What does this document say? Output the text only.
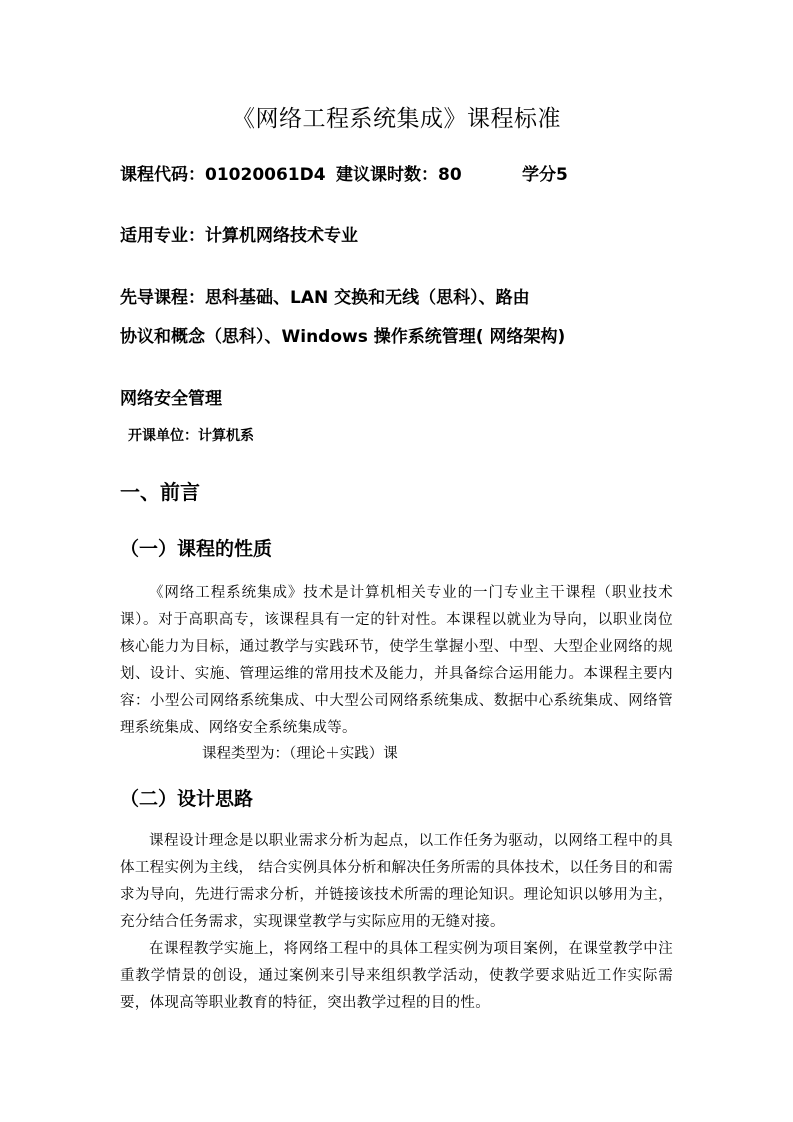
《网络工程系统集成》课程标准
课程代码：01020061D4 建议课时数：80	学分5
适用专业：计算机网络技术专业
先导课程：思科基础、LAN 交换和无线（思科）、路由
协议和概念（思科）、Windows 操作系统管理( 网络架构)
网络安全管理
开课单位：计算机系
一、前言
（一）课程的性质

《网络工程系统集成》技术是计算机相关专业的一门专业主干课程（职业技术课）。对于高职高专，该课程具有一定的针对性。本课程以就业为导向，以职业岗位核心能力为目标，通过教学与实践环节，使学生掌握小型、中型、大型企业网络的规划、设计、实施、管理运维的常用技术及能力，并具备综合运用能力。本课程主要内容：小型公司网络系统集成、中大型公司网络系统集成、数据中心系统集成、网络管理系统集成、网络安全系统集成等。

课程类型为：（理论＋实践）课
（二）设计思路

课程设计理念是以职业需求分析为起点，以工作任务为驱动，以网络工程中的具体工程实例为主线， 结合实例具体分析和解决任务所需的具体技术，以任务目的和需求为导向，先进行需求分析，并链接该技术所需的理论知识。理论知识以够用为主，充分结合任务需求，实现课堂教学与实际应用的无缝对接。

在课程教学实施上，将网络工程中的具体工程实例为项目案例，在课堂教学中注重教学情景的创设，通过案例来引导来组织教学活动，使教学要求贴近工作实际需要，体现高等职业教育的特征，突出教学过程的目的性。
